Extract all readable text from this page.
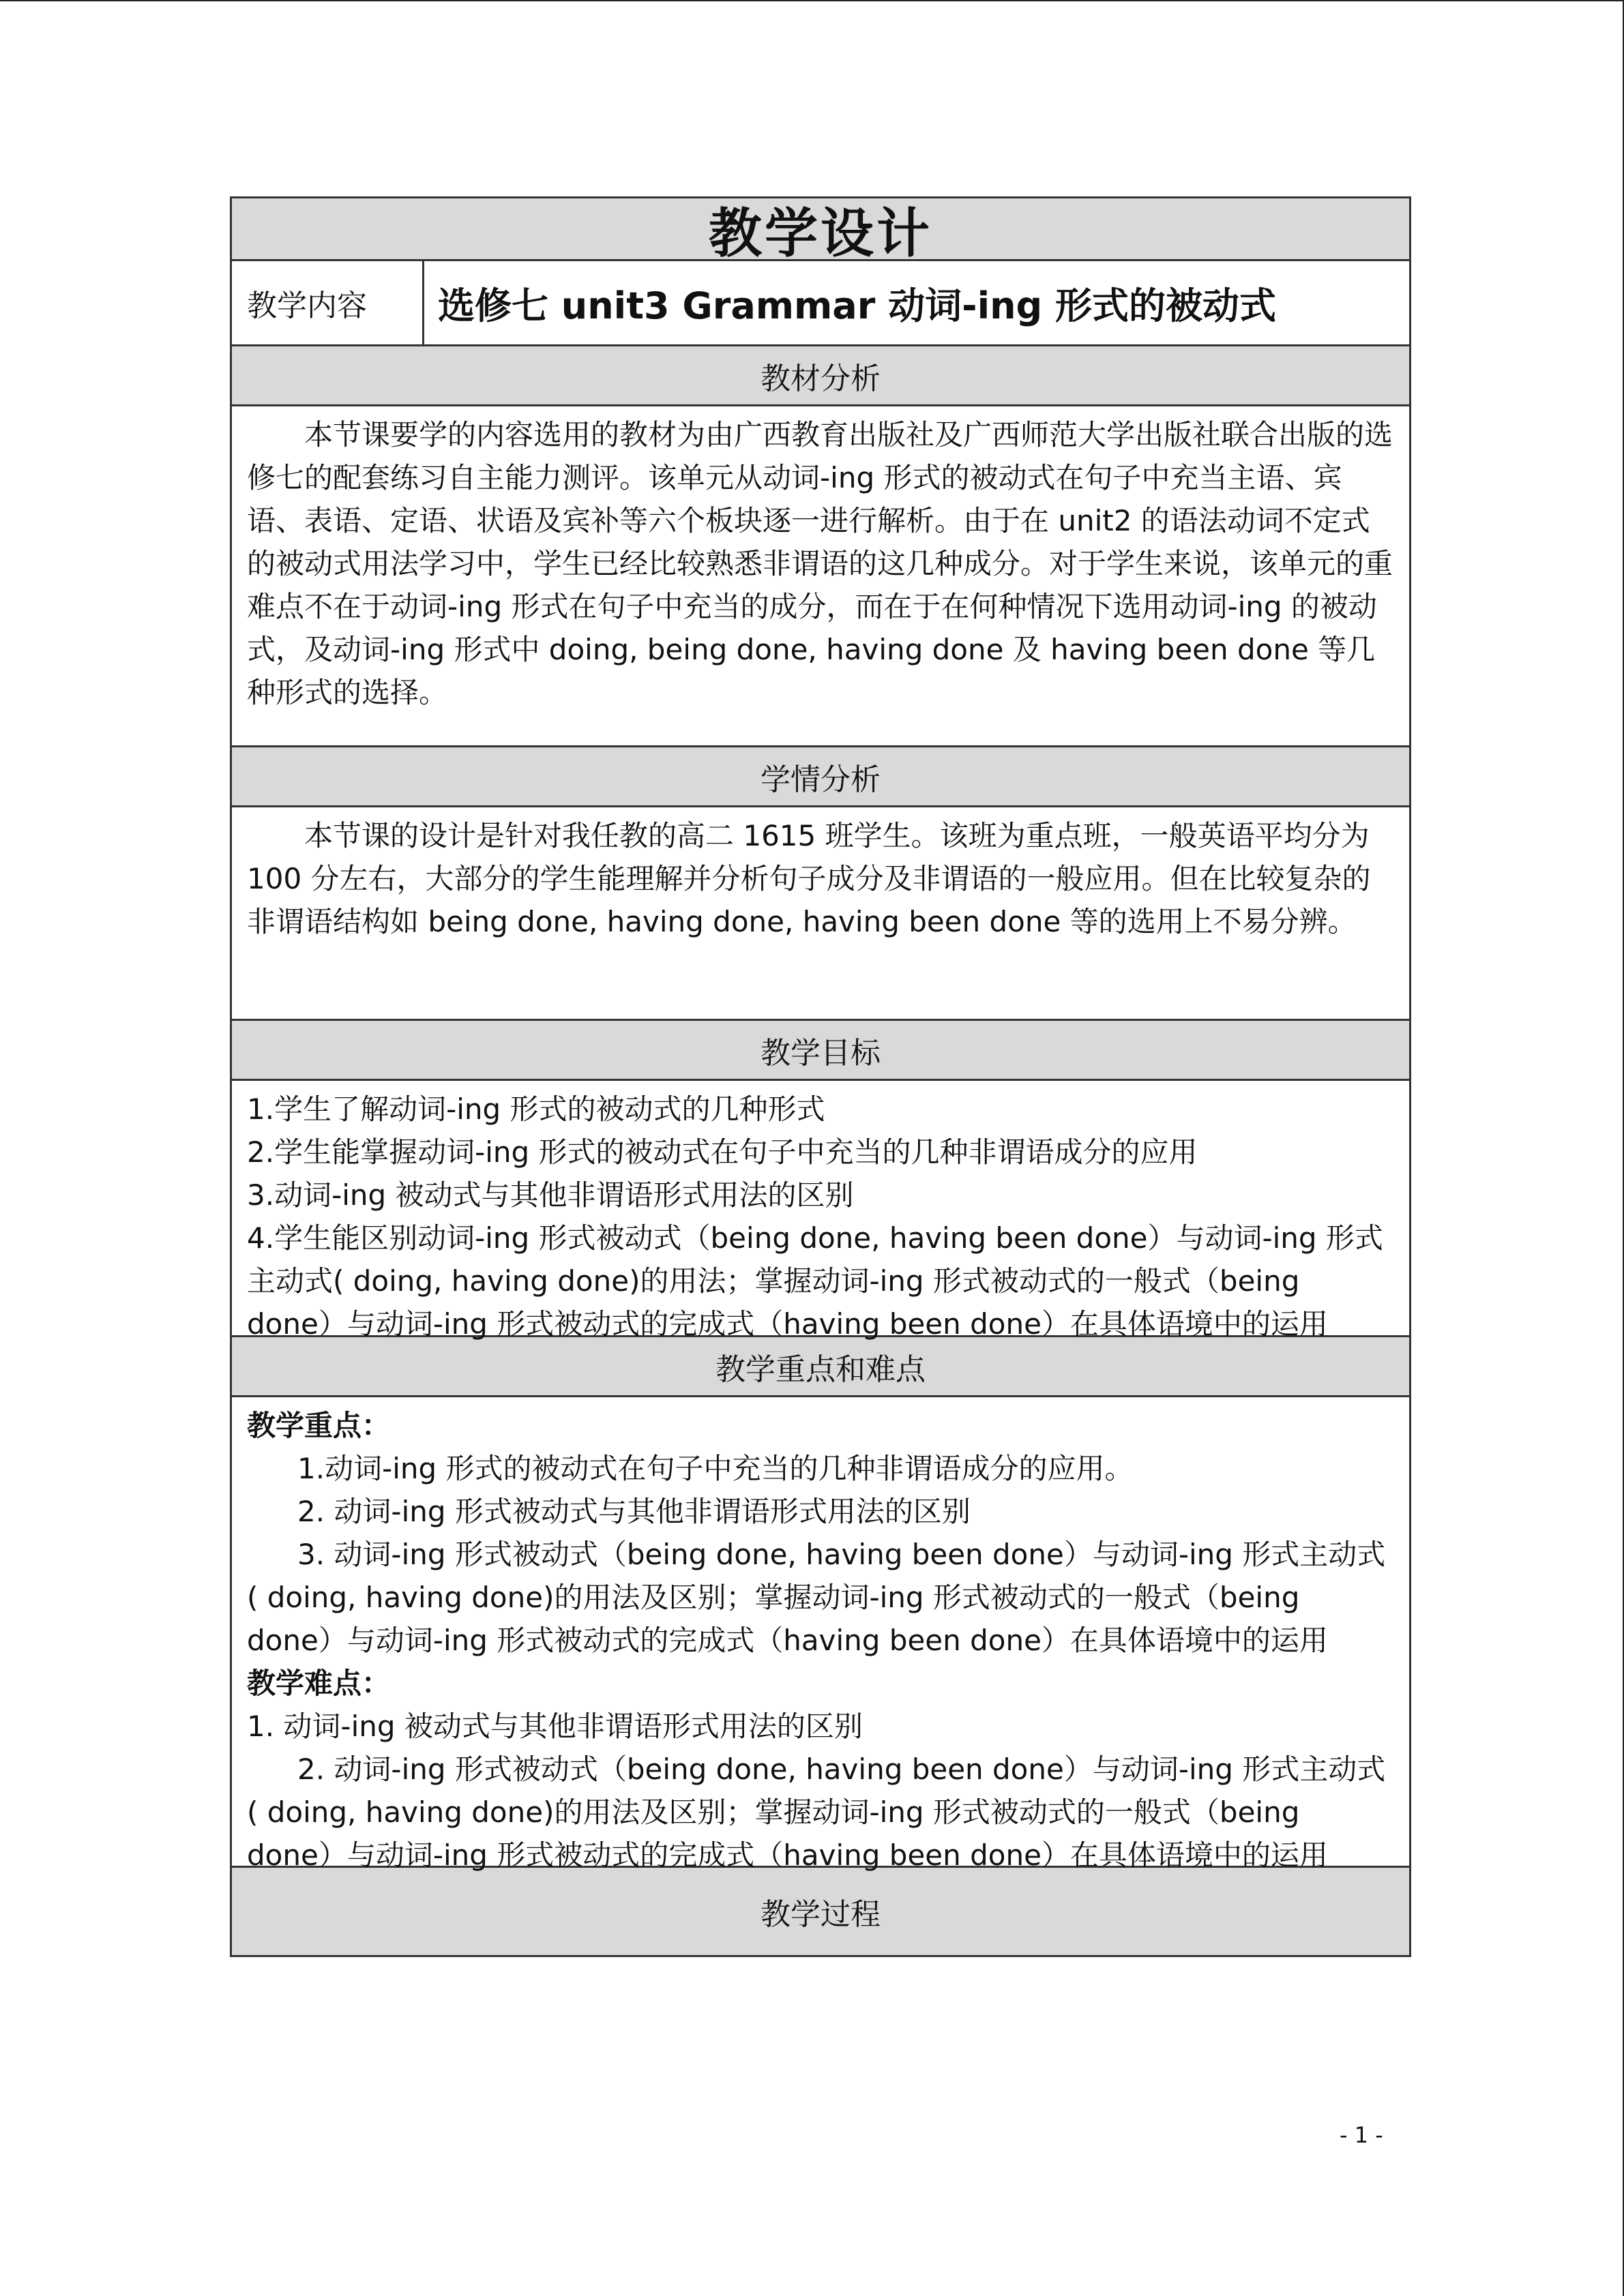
教学设计
教学内容	选修七 unit3 Grammar 动词-ing 形式的被动式
教材分析

本节课要学的内容选用的教材为由广西教育出版社及广西师范大学出版社联合出版的选修七的配套练习自主能力测评。该单元从动词-ing 形式的被动式在句子中充当主语、宾语、表语、定语、状语及宾补等六个板块逐一进行解析。由于在 unit2 的语法动词不定式的被动式用法学习中，学生已经比较熟悉非谓语的这几种成分。对于学生来说，该单元的重难点不在于动词-ing 形式在句子中充当的成分，而在于在何种情况下选用动词-ing 的被动式，及动词-ing 形式中 doing, being done, having done 及 having been done 等几种形式的选择。

学情分析

本节课的设计是针对我任教的高二 1615 班学生。该班为重点班，一般英语平均分为 100 分左右，大部分的学生能理解并分析句子成分及非谓语的一般应用。但在比较复杂的非谓语结构如 being done, having done, having been done 等的选用上不易分辨。

教学目标

1.学生了解动词-ing 形式的被动式的几种形式

2.学生能掌握动词-ing 形式的被动式在句子中充当的几种非谓语成分的应用

3.动词-ing 被动式与其他非谓语形式用法的区别

4.学生能区别动词-ing 形式被动式（being done, having been done）与动词-ing 形式主动式( doing, having done)的用法；掌握动词-ing 形式被动式的一般式（being done）与动词-ing 形式被动式的完成式（having been done）在具体语境中的运用

教学重点和难点

教学重点：

1.动词-ing 形式的被动式在句子中充当的几种非谓语成分的应用。

2. 动词-ing 形式被动式与其他非谓语形式用法的区别

3. 动词-ing 形式被动式（being done, having been done）与动词-ing 形式主动式( doing, having done)的用法及区别；掌握动词-ing 形式被动式的一般式（being done）与动词-ing 形式被动式的完成式（having been done）在具体语境中的运用

教学难点：

1. 动词-ing 被动式与其他非谓语形式用法的区别

2. 动词-ing 形式被动式（being done, having been done）与动词-ing 形式主动式( doing, having done)的用法及区别；掌握动词-ing 形式被动式的一般式（being done）与动词-ing 形式被动式的完成式（having been done）在具体语境中的运用

教学过程
- 1 -
